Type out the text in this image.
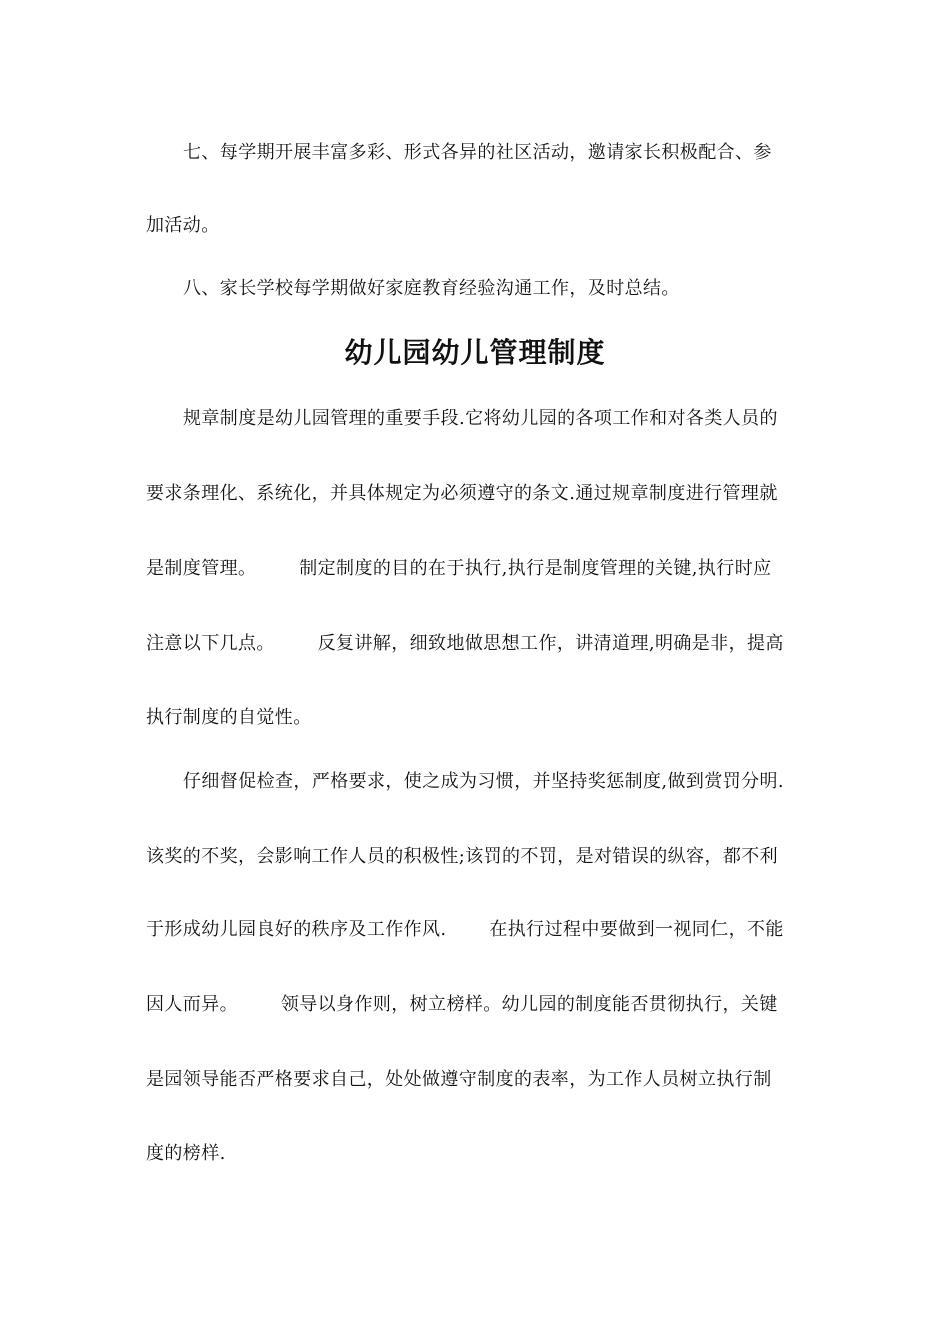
七、每学期开展丰富多彩、形式各异的社区活动，邀请家长积极配合、参
加活动。
八、家长学校每学期做好家庭教育经验沟通工作，及时总结。
幼儿园幼儿管理制度
规章制度是幼儿园管理的重要手段.它将幼儿园的各项工作和对各类人员的
要求条理化、系统化，并具体规定为必须遵守的条文.通过规章制度进行管理就
是制度管理。       制定制度的目的在于执行,执行是制度管理的关键,执行时应
注意以下几点。       反复讲解，细致地做思想工作，讲清道理,明确是非，提高
执行制度的自觉性。
仔细督促检查，严格要求，使之成为习惯，并坚持奖惩制度,做到赏罚分明.
该奖的不奖，会影响工作人员的积极性;该罚的不罚，是对错误的纵容，都不利
于形成幼儿园良好的秩序及工作作风.       在执行过程中要做到一视同仁，不能
因人而异。       领导以身作则，树立榜样。幼儿园的制度能否贯彻执行，关键
是园领导能否严格要求自己，处处做遵守制度的表率，为工作人员树立执行制
度的榜样.
